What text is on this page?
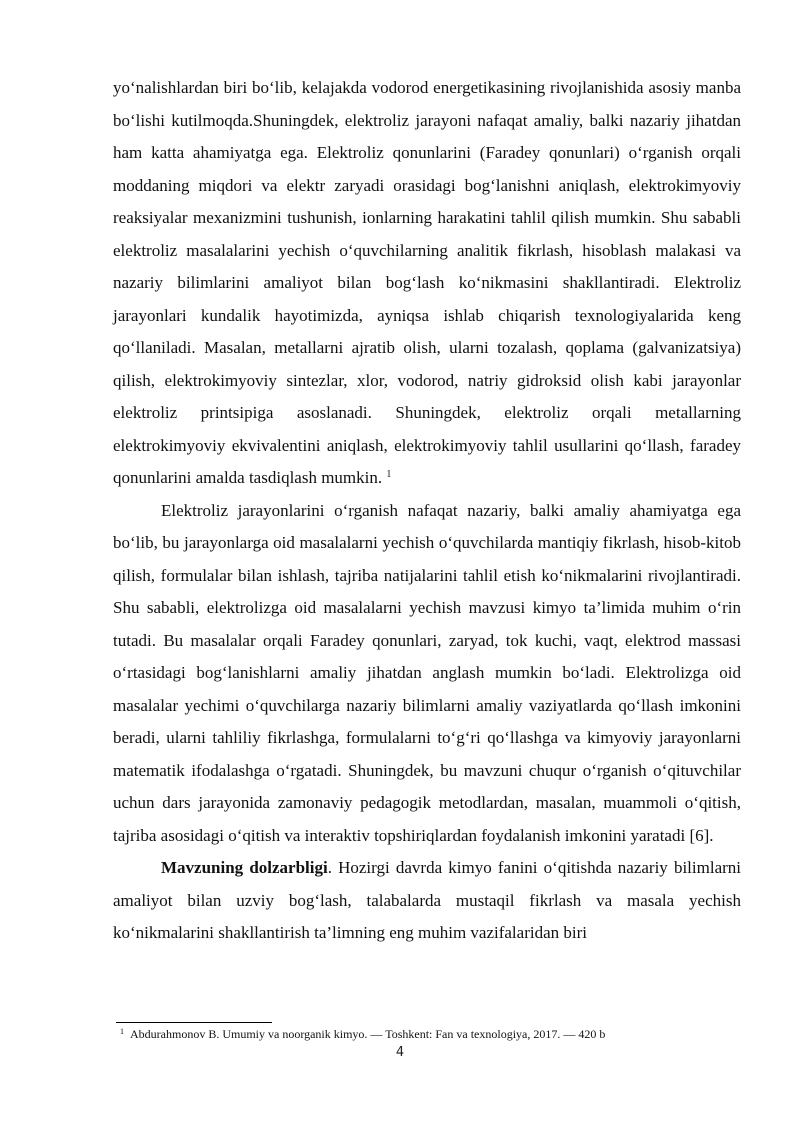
yo‘nalishlardan biri bo‘lib, kelajakda vodorod energetikasining rivojlanishida asosiy manba bo‘lishi kutilmoqda.Shuningdek, elektroliz jarayoni nafaqat amaliy, balki nazariy jihatdan ham katta ahamiyatga ega. Elektroliz qonunlarini (Faradey qonunlari) o‘rganish orqali moddaning miqdori va elektr zaryadi orasidagi bog‘lanishni aniqlash, elektrokimyoviy reaksiyalar mexanizmini tushunish, ionlarning harakatini tahlil qilish mumkin. Shu sababli elektroliz masalalarini yechish o‘quvchilarning analitik fikrlash, hisoblash malakasi va nazariy bilimlarini amaliyot bilan bog‘lash ko‘nikmasini shakllantiradi. Elektroliz jarayonlari kundalik hayotimizda, ayniqsa ishlab chiqarish texnologiyalarida keng qo‘llaniladi. Masalan, metallarni ajratib olish, ularni tozalash, qoplama (galvanizatsiya) qilish, elektrokimyoviy sintezlar, xlor, vodorod, natriy gidroksid olish kabi jarayonlar elektroliz printsipiga asoslanadi. Shuningdek, elektroliz orqali metallarning elektrokimyoviy ekvivalentini aniqlash, elektrokimyoviy tahlil usullarini qo‘llash, faradey qonunlarini amalda tasdiqlash mumkin. $^1$

Elektroliz jarayonlarini o‘rganish nafaqat nazariy, balki amaliy ahamiyatga ega bo‘lib, bu jarayonlarga oid masalalarni yechish o‘quvchilarda mantiqiy fikrlash, hisob-kitob qilish, formulalar bilan ishlash, tajriba natijalarini tahlil etish ko‘nikmalarini rivojlantiradi. Shu sababli, elektrolizga oid masalalarni yechish mavzusi kimyo ta’limida muhim o‘rin tutadi. Bu masalalar orqali Faradey qonunlari, zaryad, tok kuchi, vaqt, elektrod massasi o‘rtasidagi bog‘lanishlarni amaliy jihatdan anglash mumkin bo‘ladi. Elektrolizga oid masalalar yechimi o‘quvchilarga nazariy bilimlarni amaliy vaziyatlarda qo‘llash imkonini beradi, ularni tahliliy fikrlashga, formulalarni to‘g‘ri qo‘llashga va kimyoviy jarayonlarni matematik ifodalashga o‘rgatadi. Shuningdek, bu mavzuni chuqur o‘rganish o‘qituvchilar uchun dars jarayonida zamonaviy pedagogik metodlardan, masalan, muammoli o‘qitish, tajriba asosidagi o‘qitish va interaktiv topshiriqlardan foydalanish imkonini yaratadi [6].

Mavzuning dolzarbligi. Hozirgi davrda kimyo fanini o‘qitishda nazariy bilimlarni amaliyot bilan uzviy bog‘lash, talabalarda mustaqil fikrlash va masala yechish ko‘nikmalarini shakllantirish ta’limning eng muhim vazifalaridan biri

$^1$ Abdurahmonov B. Umumiy va noorganik kimyo. — Toshkent: Fan va texnologiya, 2017. — 420 b
4
